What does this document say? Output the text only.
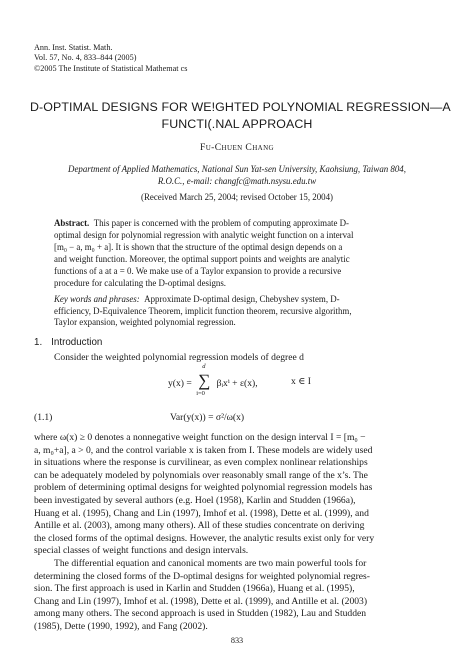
Ann. Inst. Statist. Math.
Vol. 57, No. 4, 833–844 (2005)
©2005 The Institute of Statistical Mathemat cs
D-OPTIMAL DESIGNS FOR WE!GHTED POLYNOMIAL REGRESSION—A
FUNCTI(.NAL APPROACH
Fu-Chuen Chang
Department of Applied Mathematics, National Sun Yat-sen University, Kaohsiung, Taiwan 804,
R.O.C., e-mail: changfc@math.nsysu.edu.tw
(Received March 25, 2004; revised October 15, 2004)
Abstract. This paper is concerned with the problem of computing approximate D-
optimal design for polynomial regression with analytic weight function on a interval
[m₀ − a, m₀ + a]. It is shown that the structure of the optimal design depends on a
and weight function. Moreover, the optimal support points and weights are analytic
functions of a at a = 0. We make use of a Taylor expansion to provide a recursive
procedure for calculating the D-optimal designs.
Key words and phrases: Approximate D-optimal design, Chebyshev system, D-
efficiency, D-Equivalence Theorem, implicit function theorem, recursive algorithm,
Taylor expansion, weighted polynomial regression.
1. Introduction
Consider the weighted polynomial regression models of degree d
y(x) =
d
∑
i=0
βᵢxⁱ + ε(x),	x ∈ I
(1.1)	Var(y(x)) = σ²/ω(x)
where ω(x) ≥ 0 denotes a nonnegative weight function on the design interval I = [m₀ −
a, m₀+a], a > 0, and the control variable x is taken from I. These models are widely used
in situations where the response is curvilinear, as even complex nonlinear relationships
can be adequately modeled by polynomials over reasonably small range of the x’s. The
problem of determining optimal designs for weighted polynomial regression models has
been investigated by several authors (e.g. Hoel (1958), Karlin and Studden (1966a),
Huang et al. (1995), Chang and Lin (1997), Imhof et al. (1998), Dette et al. (1999), and
Antille et al. (2003), among many others). All of these studies concentrate on deriving
the closed forms of the optimal designs. However, the analytic results exist only for very
special classes of weight functions and design intervals.
The differential equation and canonical moments are two main powerful tools for
determining the closed forms of the D-optimal designs for weighted polynomial regres-
sion. The first approach is used in Karlin and Studden (1966a), Huang et al. (1995),
Chang and Lin (1997), Imhof et al. (1998), Dette et al. (1999), and Antille et al. (2003)
among many others. The second approach is used in Studden (1982), Lau and Studden
(1985), Dette (1990, 1992), and Fang (2002).
833
